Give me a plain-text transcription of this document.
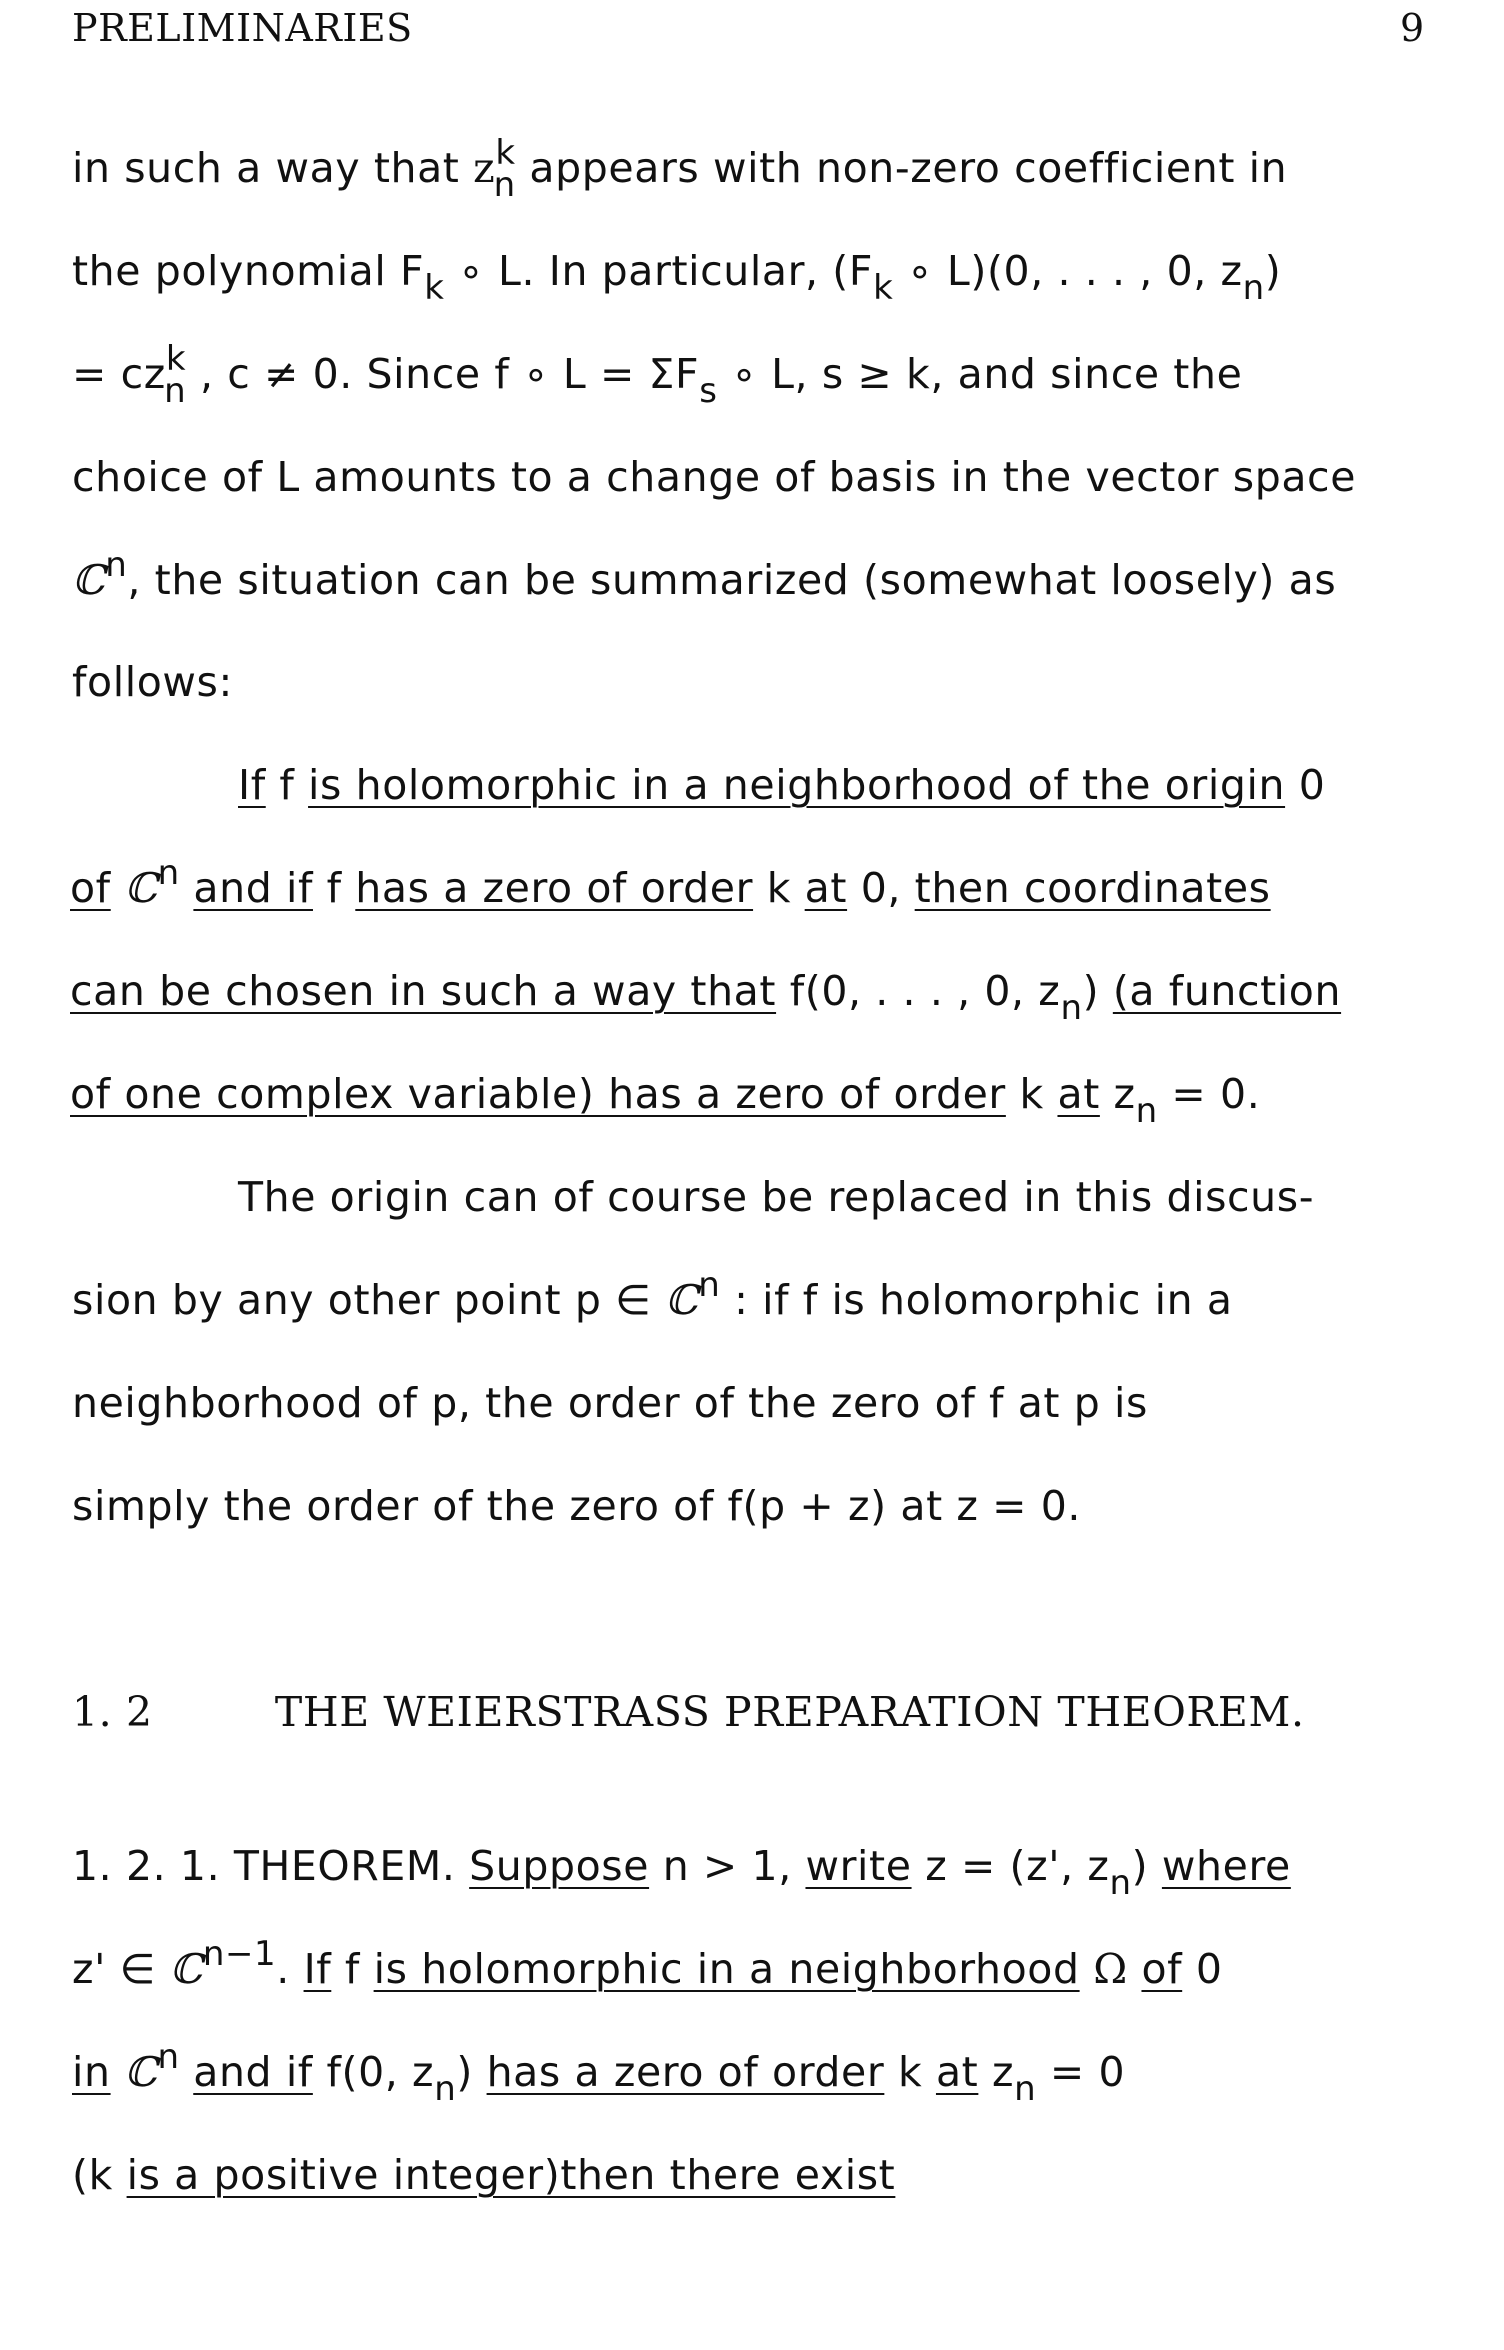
PRELIMINARIES	9
in such a way that $z^k_n$ appears with non-zero coefficient in
the polynomial $F_k$ ∘ L. In particular, ($F_k$ ∘ L)(0, . . . , 0, $z_n$)
= $cz^k_n$ , c ≠ 0. Since f ∘ $L = \Sigma F_s$ ∘ L, s ≥ k, and since the
choice of L amounts to a change of basis in the vector space
ℂ$^n$, the situation can be summarized (somewhat loosely) as
follows:
If f is holomorphic in a neighborhood of the origin 0
of ℂ$^n$ and if f has a zero of order k at 0, then coordinates
can be chosen in such a way that f(0, . . . , 0, $z_n$) (a function
of one complex variable) has a zero of order k at $z_n = 0$.
The origin can of course be replaced in this discus-
sion by any other point p ∈ ℂ$^n$ : if f is holomorphic in a
neighborhood of p, the order of the zero of f at p is
simply the order of the zero of f(p + z) at z = 0.
1. 2	THE WEIERSTRASS PREPARATION THEOREM.
1. 2. 1. THEOREM. Suppose n > 1, write z = (z', $z_n$) where
z' ∈ ℂ$^{n-1}$. If f is holomorphic in a neighborhood Ω of 0
in ℂ$^n$ and if f(0, $z_n$) has a zero of order k at $z_n = 0$
(k is a positive integer)then there exist
